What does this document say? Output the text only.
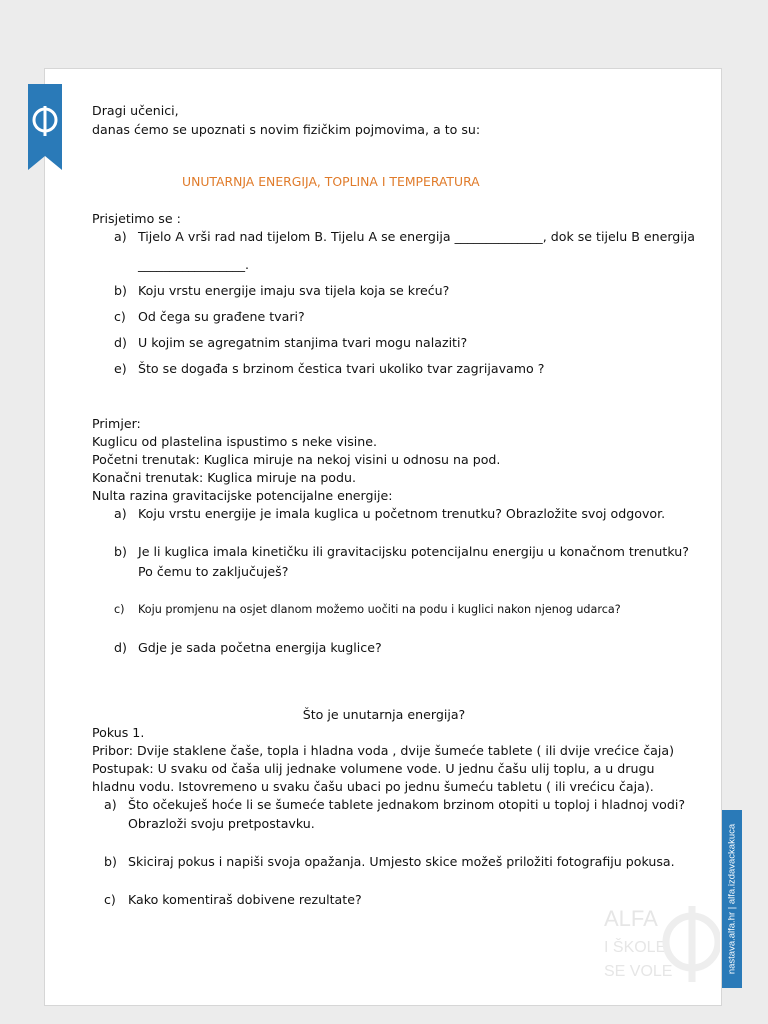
Dragi učenici,
danas ćemo se upoznati s novim fizičkim pojmovima, a to su:
UNUTARNJA ENERGIJA, TOPLINA I TEMPERATURA
Prisjetimo se :
a) Tijelo A vrši rad nad tijelom B. Tijelu A se energija ______________, dok se tijelu B energija
_________________.
b) Koju vrstu energije imaju sva tijela koja se kreću?
c) Od čega su građene tvari?
d) U kojim se agregatnim stanjima tvari mogu nalaziti?
e) Što se događa s brzinom čestica tvari ukoliko tvar zagrijavamo ?
Primjer:
Kuglicu od plastelina ispustimo s neke visine.
Početni trenutak: Kuglica miruje na nekoj visini u odnosu na pod.
Konačni trenutak: Kuglica miruje na podu.
Nulta razina gravitacijske potencijalne energije:
a) Koju vrstu energije je imala kuglica u početnom trenutku? Obrazložite svoj odgovor.
b) Je li kuglica imala kinetičku ili gravitacijsku potencijalnu energiju u konačnom trenutku?
Po čemu to zaključuješ?
c) Koju promjenu na osjet dlanom možemo uočiti na podu i kuglici nakon njenog udarca?
d) Gdje je sada početna energija kuglice?
Što je unutarnja energija?
Pokus 1.
Pribor: Dvije staklene čaše, topla i hladna voda , dvije šumeće tablete ( ili dvije vrećice čaja)
Postupak: U svaku od čaša ulij jednake volumene vode. U jednu čašu ulij toplu, a u drugu
hladnu vodu. Istovremeno u svaku čašu ubaci po jednu šumeću tabletu ( ili vrećicu čaja).
a) Što očekuješ hoće li se šumeće tablete jednakom brzinom otopiti u toploj i hladnoj vodi?
Obrazloži svoju pretpostavku.
b) Skiciraj pokus i napiši svoja opažanja. Umjesto skice možeš priložiti fotografiju pokusa.
c) Kako komentiraš dobivene rezultate?
ALFA
I ŠKOLE
SE VOLE	nastava.alfa.hr | alfa.izdavackakuca
